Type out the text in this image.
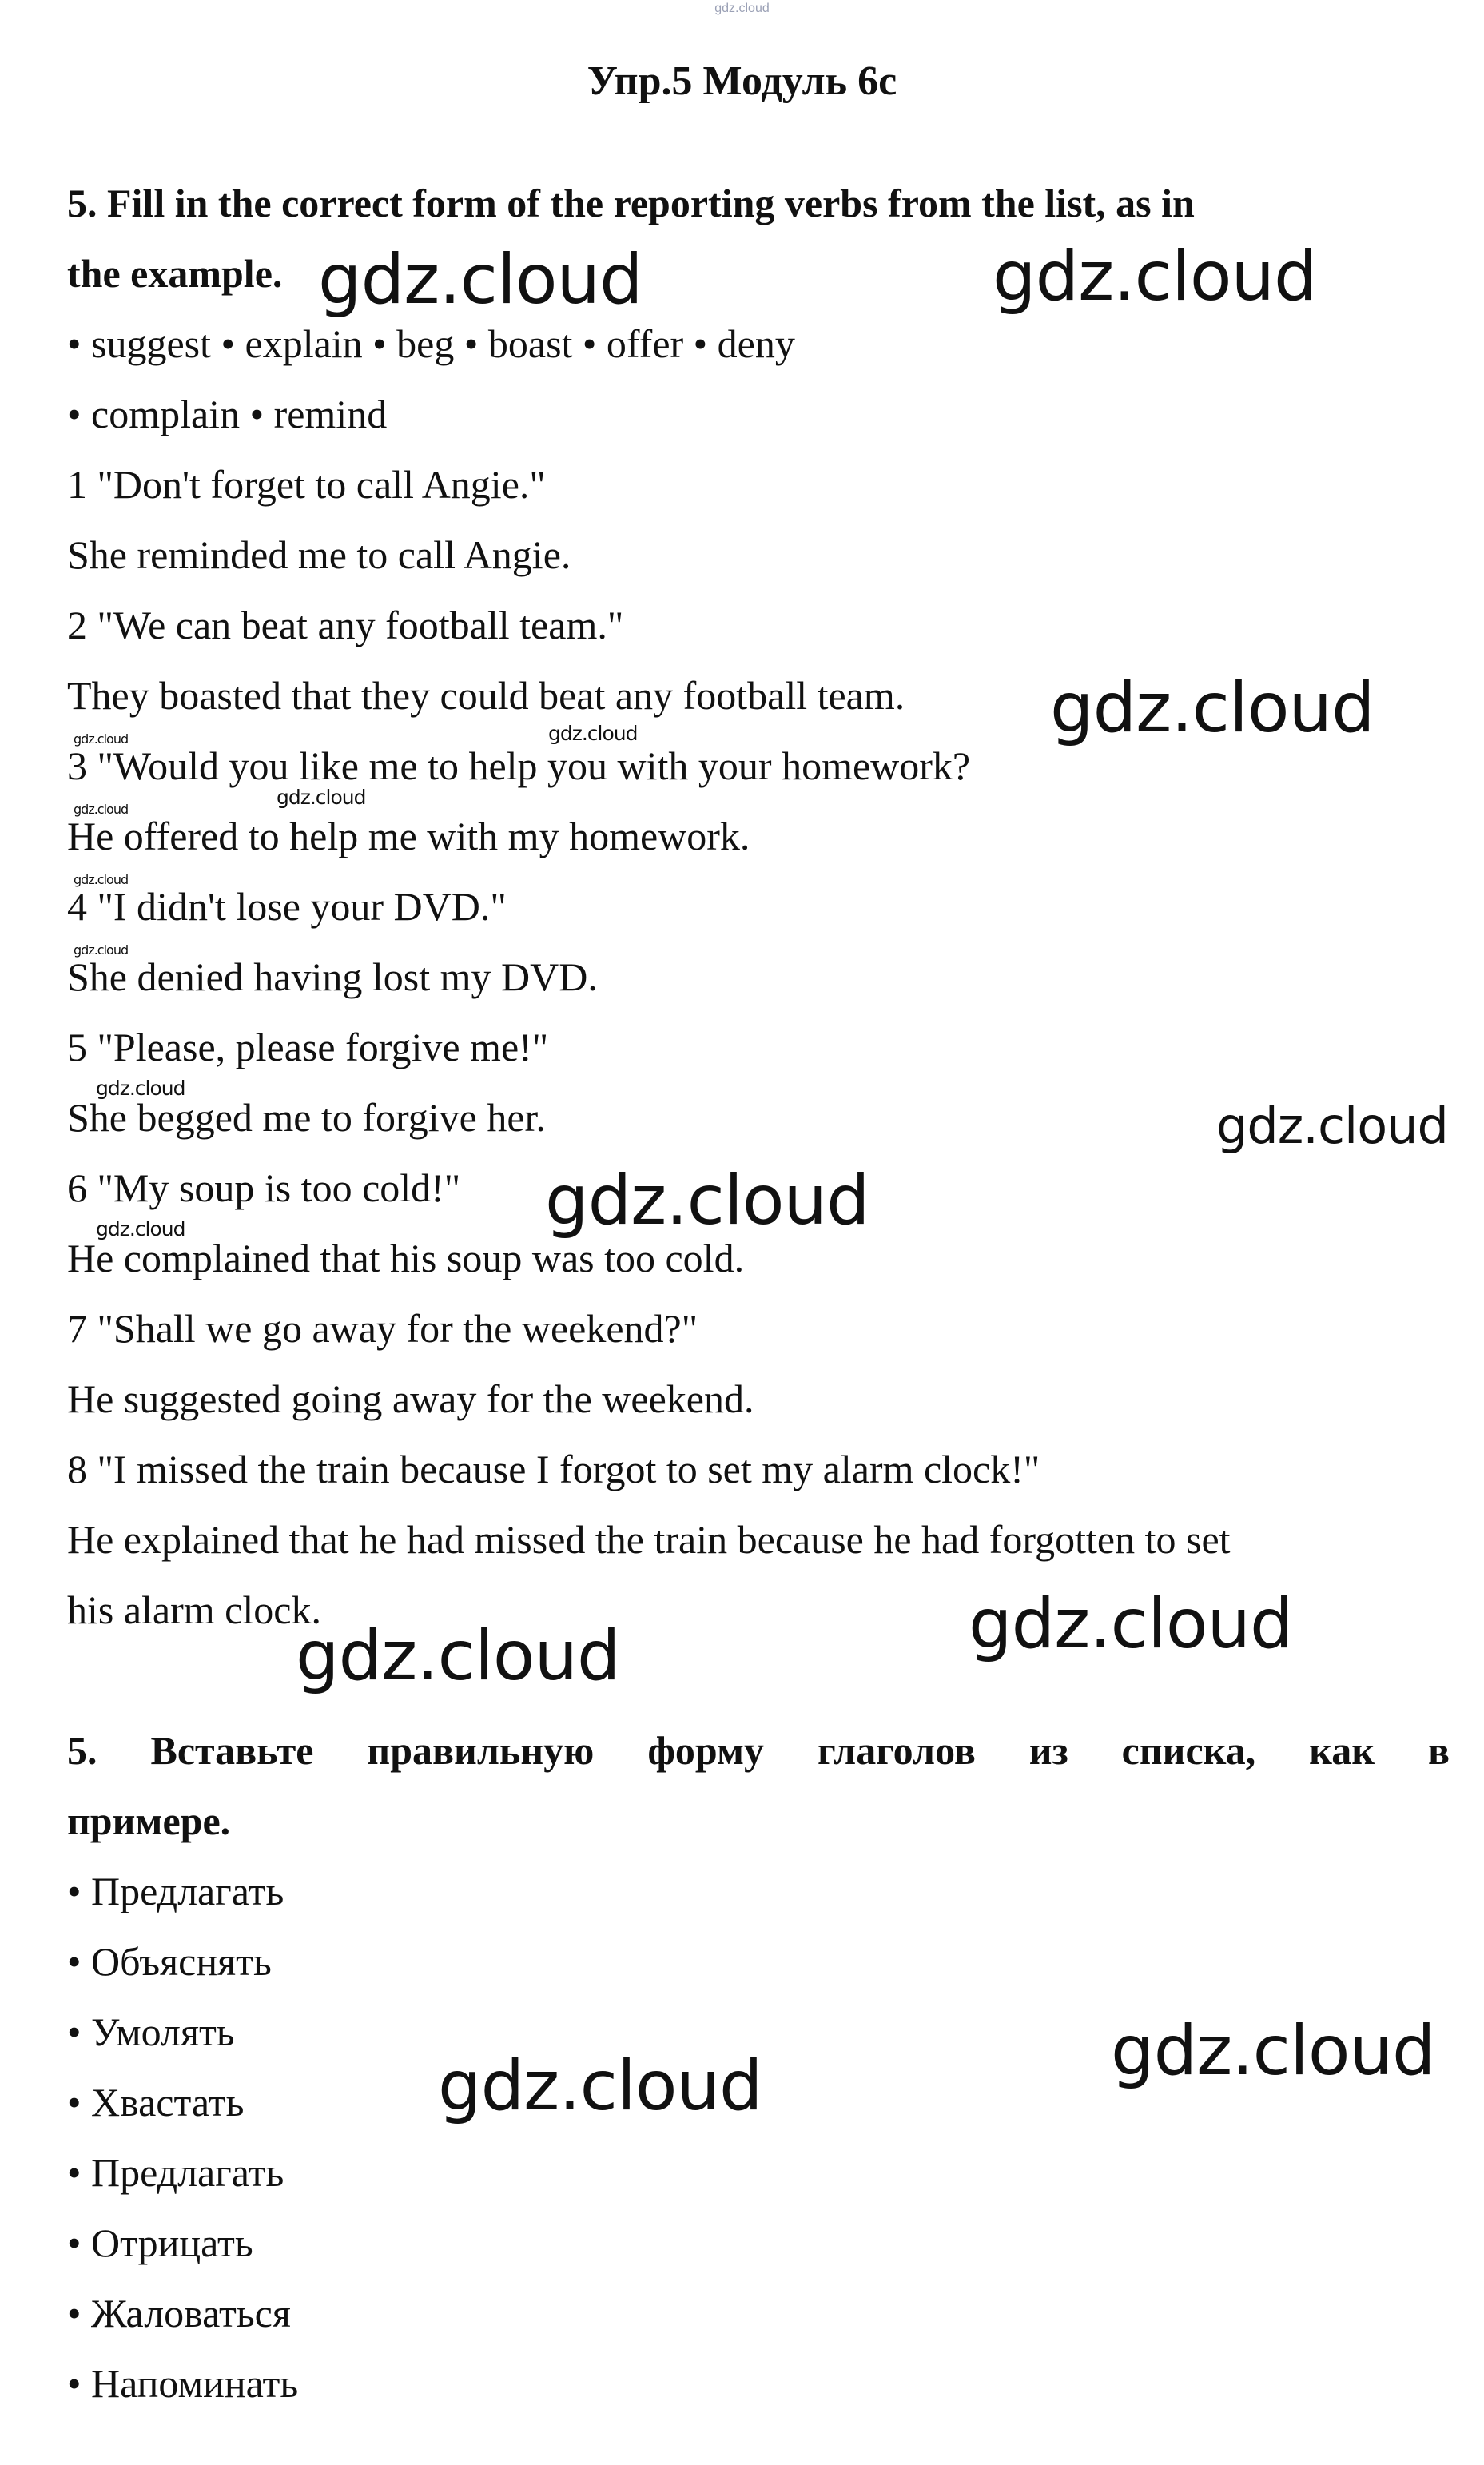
gdz.cloud
Упр.5 Модуль 6с

5. Fill in the correct form of the reporting verbs from the list, as in

the example.

• suggest • explain • beg • boast • offer • deny

• complain • remind

1 "Don't forget to call Angie."

She reminded me to call Angie.

2 "We can beat any football team."

They boasted that they could beat any football team.

3 "Would you like me to help you with your homework?

He offered to help me with my homework.

4 "I didn't lose your DVD."

She denied having lost my DVD.

5 "Please, please forgive me!"

She begged me to forgive her.

6 "My soup is too cold!"

He complained that his soup was too cold.

7 "Shall we go away for the weekend?"

He suggested going away for the weekend.

8 "I missed the train because I forgot to set my alarm clock!"

He explained that he had missed the train because he had forgotten to set

his alarm clock.

5. Вставьте правильную форму глаголов из списка, как в

примере.

• Предлагать

• Объяснять

• Умолять

• Хвастать

• Предлагать

• Отрицать

• Жаловаться

• Напоминать

gdz.cloud	gdz.cloud
gdz.cloud
gdz.cloud
gdz.cloud
gdz.cloud
gdz.cloud
gdz.cloud
gdz.cloud
gdz.cloud
gdz.cloud
gdz.cloud
gdz.cloud
gdz.cloud
gdz.cloud
gdz.cloud
gdz.cloud
